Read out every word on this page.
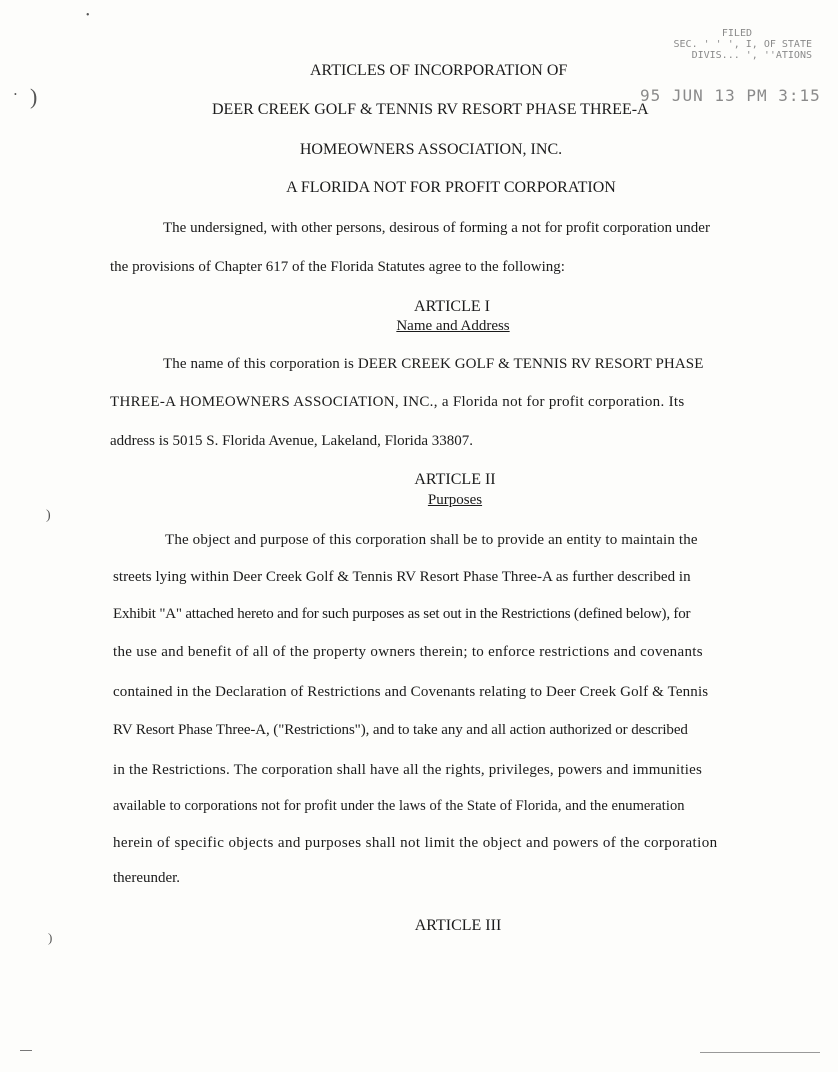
FILED
SEC. ' ' ', I, OF STATE
DIVIS... ', ''ATIONS
95 JUN 13 PM 3:15
ARTICLES OF INCORPORATION OF
DEER CREEK GOLF & TENNIS RV RESORT PHASE THREE-A
HOMEOWNERS ASSOCIATION, INC.
A FLORIDA NOT FOR PROFIT CORPORATION
The undersigned, with other persons, desirous of forming a not for profit corporation under
the provisions of Chapter 617 of the Florida Statutes agree to the following:
ARTICLE I
Name and Address
The name of this corporation is DEER CREEK GOLF & TENNIS RV RESORT PHASE
THREE-A HOMEOWNERS ASSOCIATION, INC., a Florida not for profit corporation. Its
address is 5015 S. Florida Avenue, Lakeland, Florida 33807.
ARTICLE II
Purposes
The object and purpose of this corporation shall be to provide an entity to maintain the
streets lying within Deer Creek Golf & Tennis RV Resort Phase Three-A as further described in
Exhibit "A" attached hereto and for such purposes as set out in the Restrictions (defined below), for
the use and benefit of all of the property owners therein; to enforce restrictions and covenants
contained in the Declaration of Restrictions and Covenants relating to Deer Creek Golf & Tennis
RV Resort Phase Three-A, ("Restrictions"), and to take any and all action authorized or described
in the Restrictions. The corporation shall have all the rights, privileges, powers and immunities
available to corporations not for profit under the laws of the State of Florida, and the enumeration
herein of specific objects and purposes shall not limit the object and powers of the corporation
thereunder.
ARTICLE III
)
)
)
•
•
